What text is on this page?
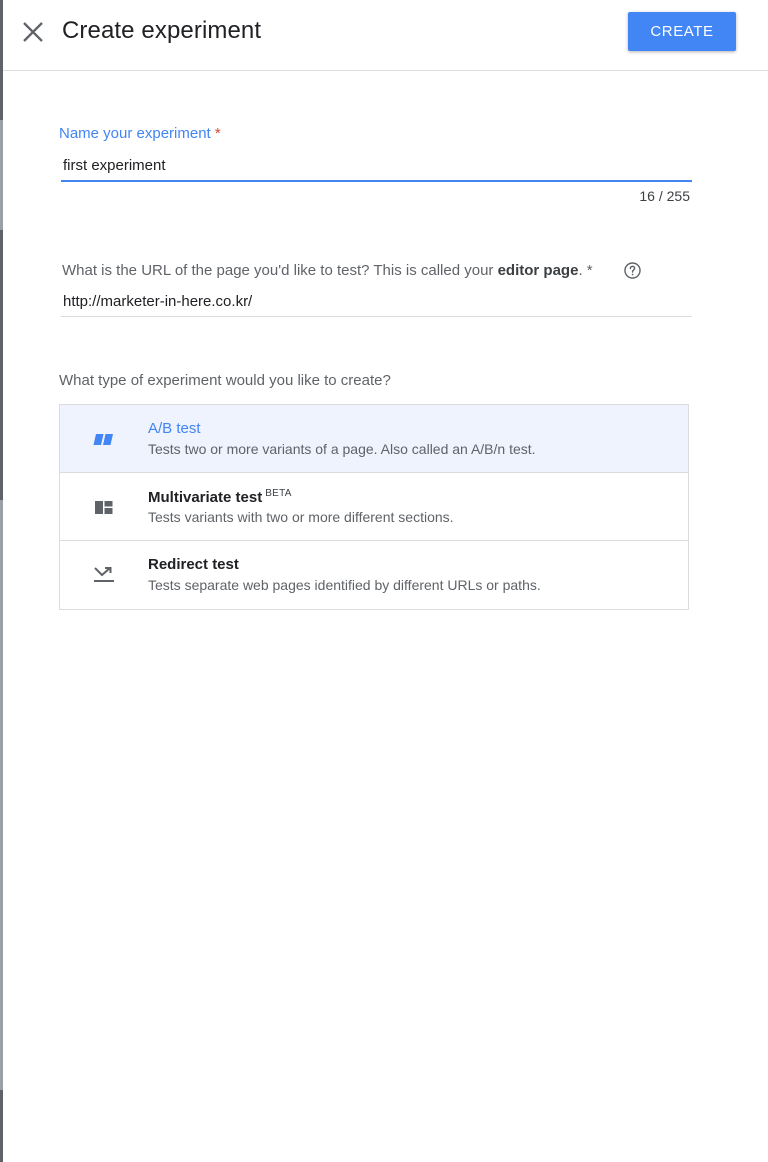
Create experiment	CREATE
Name your experiment *
first experiment
16 / 255
What is the URL of the page you'd like to test? This is called your editor page. *
http://marketer-in-here.co.kr/
What type of experiment would you like to create?
A/B test
Tests two or more variants of a page. Also called an A/B/n test.
Multivariate test $^{BETA}$
Tests variants with two or more different sections.
Redirect test
Tests separate web pages identified by different URLs or paths.
